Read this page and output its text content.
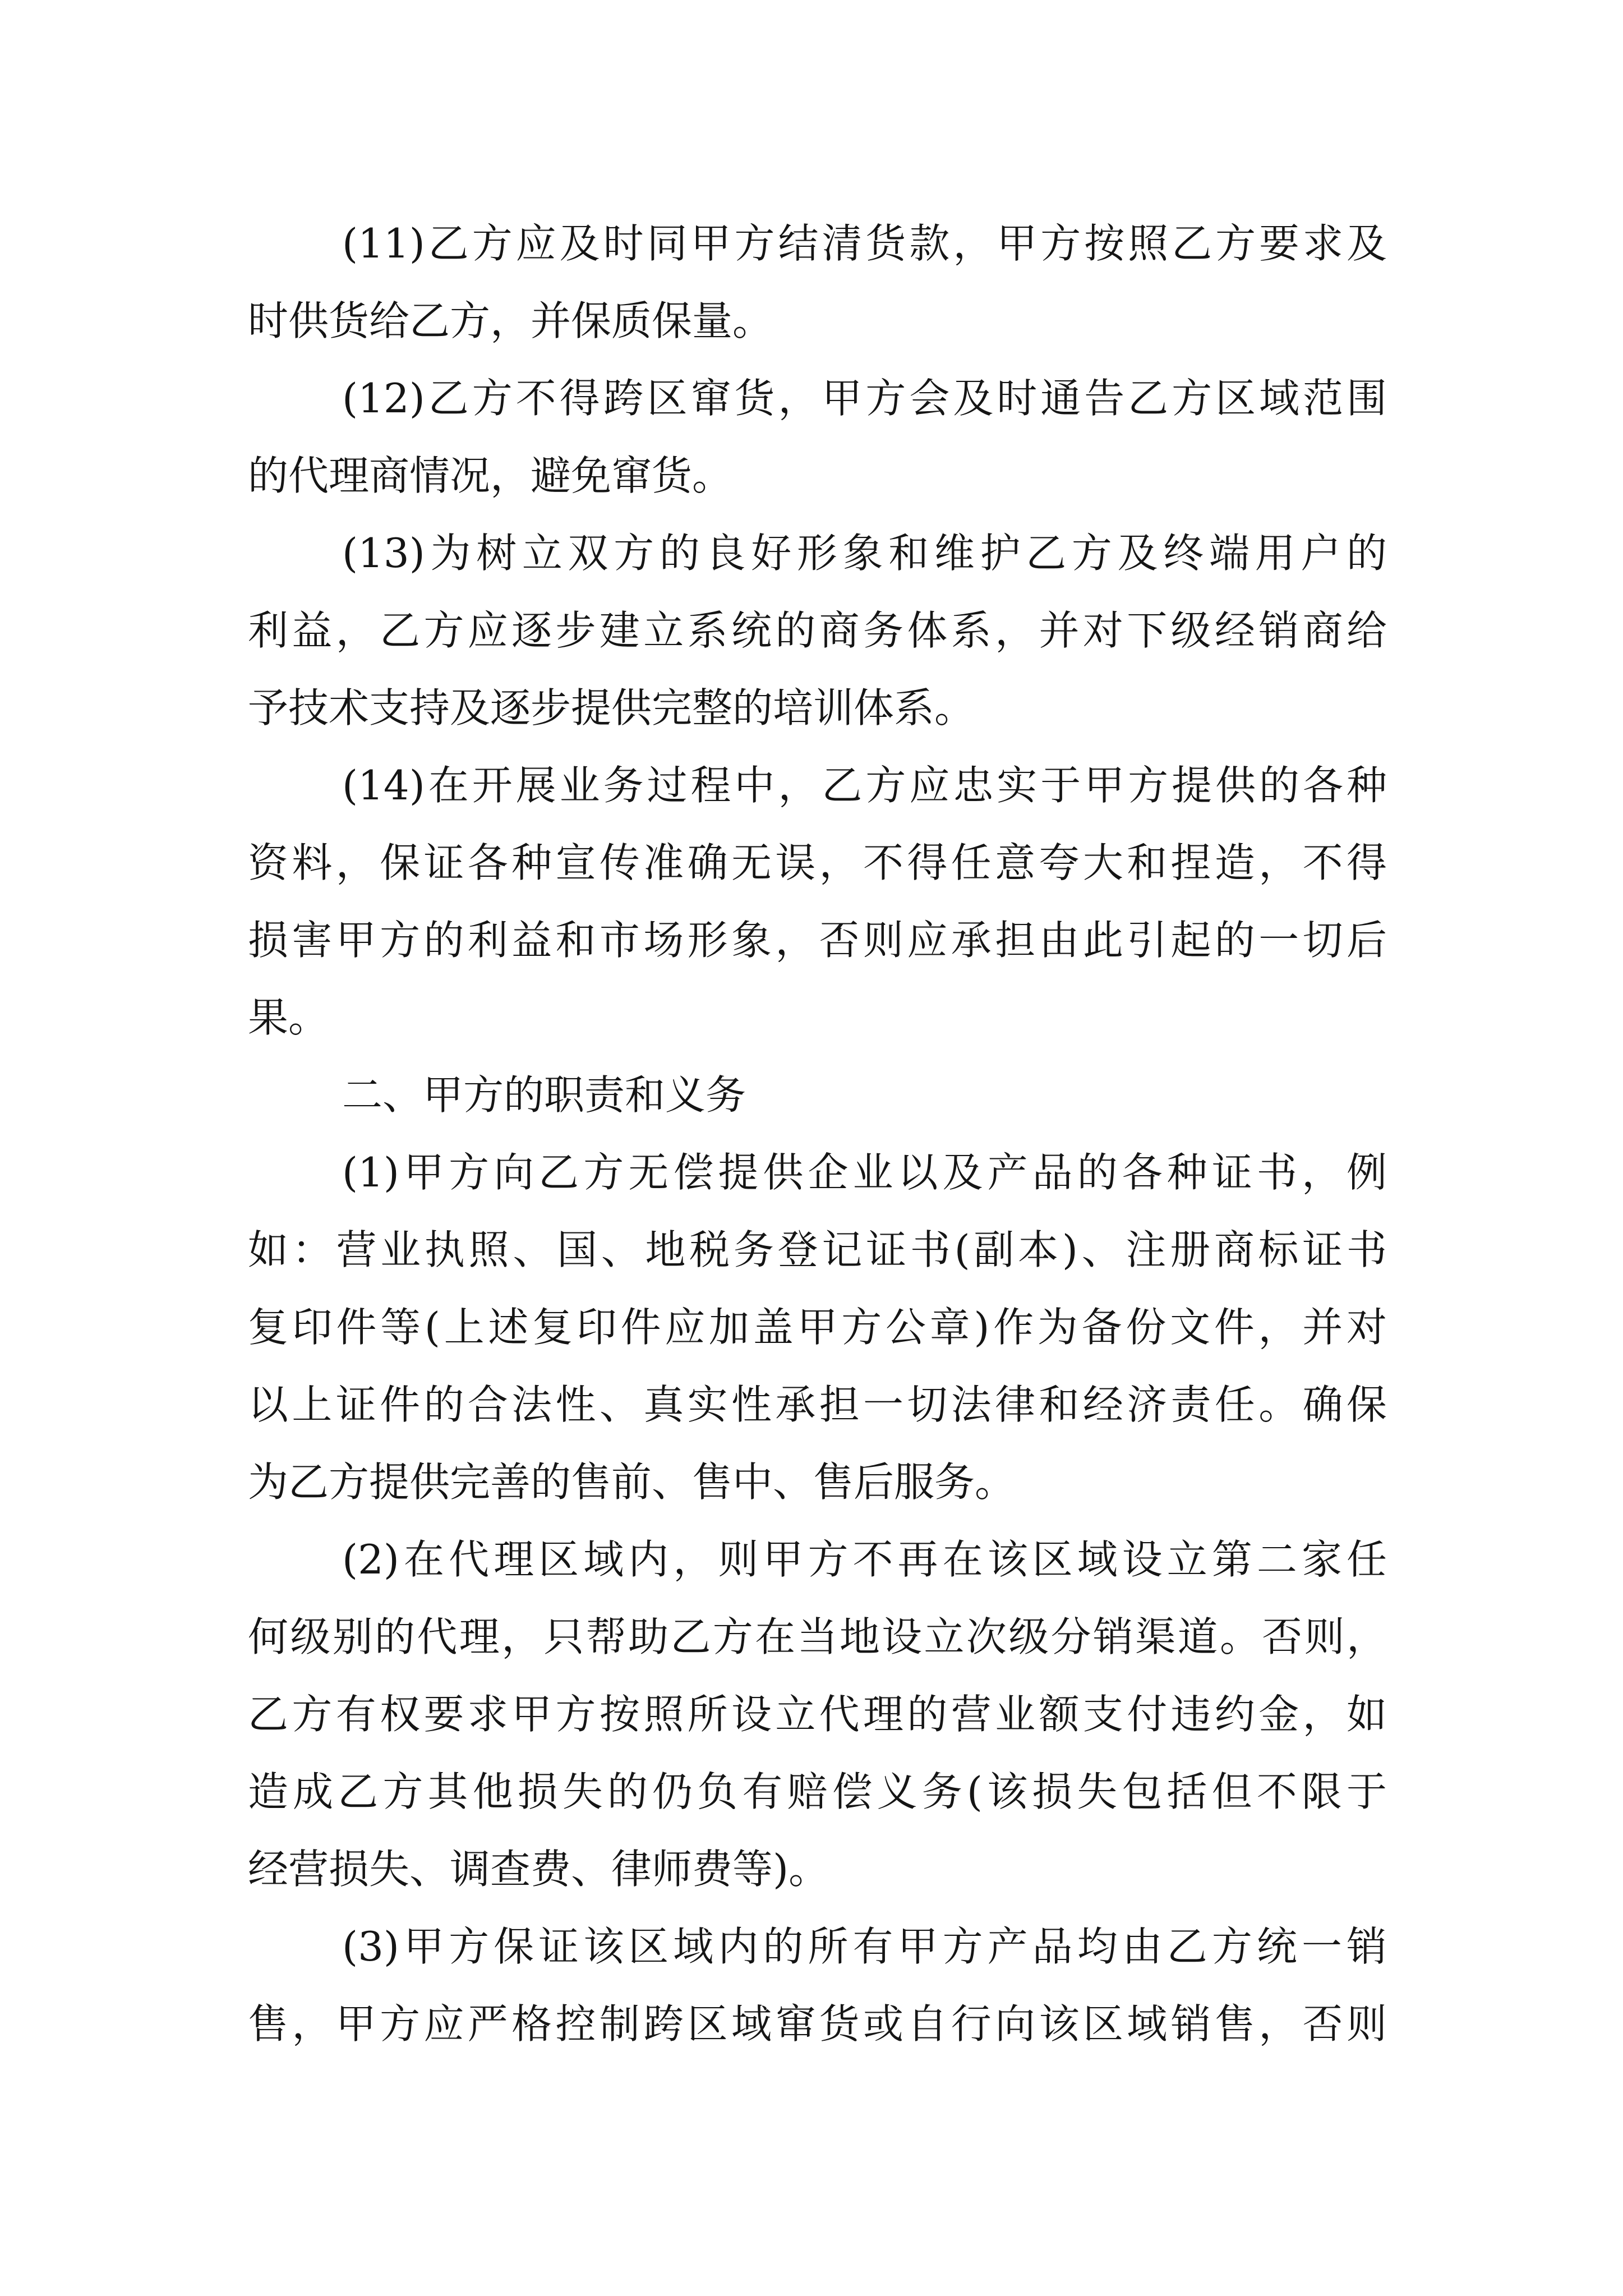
(11)乙方应及时同甲方结清货款，甲方按照乙方要求及
时供货给乙方，并保质保量。
(12)乙方不得跨区窜货，甲方会及时通告乙方区域范围
的代理商情况，避免窜货。
(13)为树立双方的良好形象和维护乙方及终端用户的
利益，乙方应逐步建立系统的商务体系，并对下级经销商给
予技术支持及逐步提供完整的培训体系。
(14)在开展业务过程中，乙方应忠实于甲方提供的各种
资料，保证各种宣传准确无误，不得任意夸大和捏造，不得
损害甲方的利益和市场形象，否则应承担由此引起的一切后
果。
二、甲方的职责和义务
(1)甲方向乙方无偿提供企业以及产品的各种证书，例
如：营业执照、国、地税务登记证书(副本)、注册商标证书
复印件等(上述复印件应加盖甲方公章)作为备份文件，并对
以上证件的合法性、真实性承担一切法律和经济责任。确保
为乙方提供完善的售前、售中、售后服务。
(2)在代理区域内，则甲方不再在该区域设立第二家任
何级别的代理，只帮助乙方在当地设立次级分销渠道。否则，
乙方有权要求甲方按照所设立代理的营业额支付违约金，如
造成乙方其他损失的仍负有赔偿义务(该损失包括但不限于
经营损失、调查费、律师费等)。
(3)甲方保证该区域内的所有甲方产品均由乙方统一销
售，甲方应严格控制跨区域窜货或自行向该区域销售，否则
